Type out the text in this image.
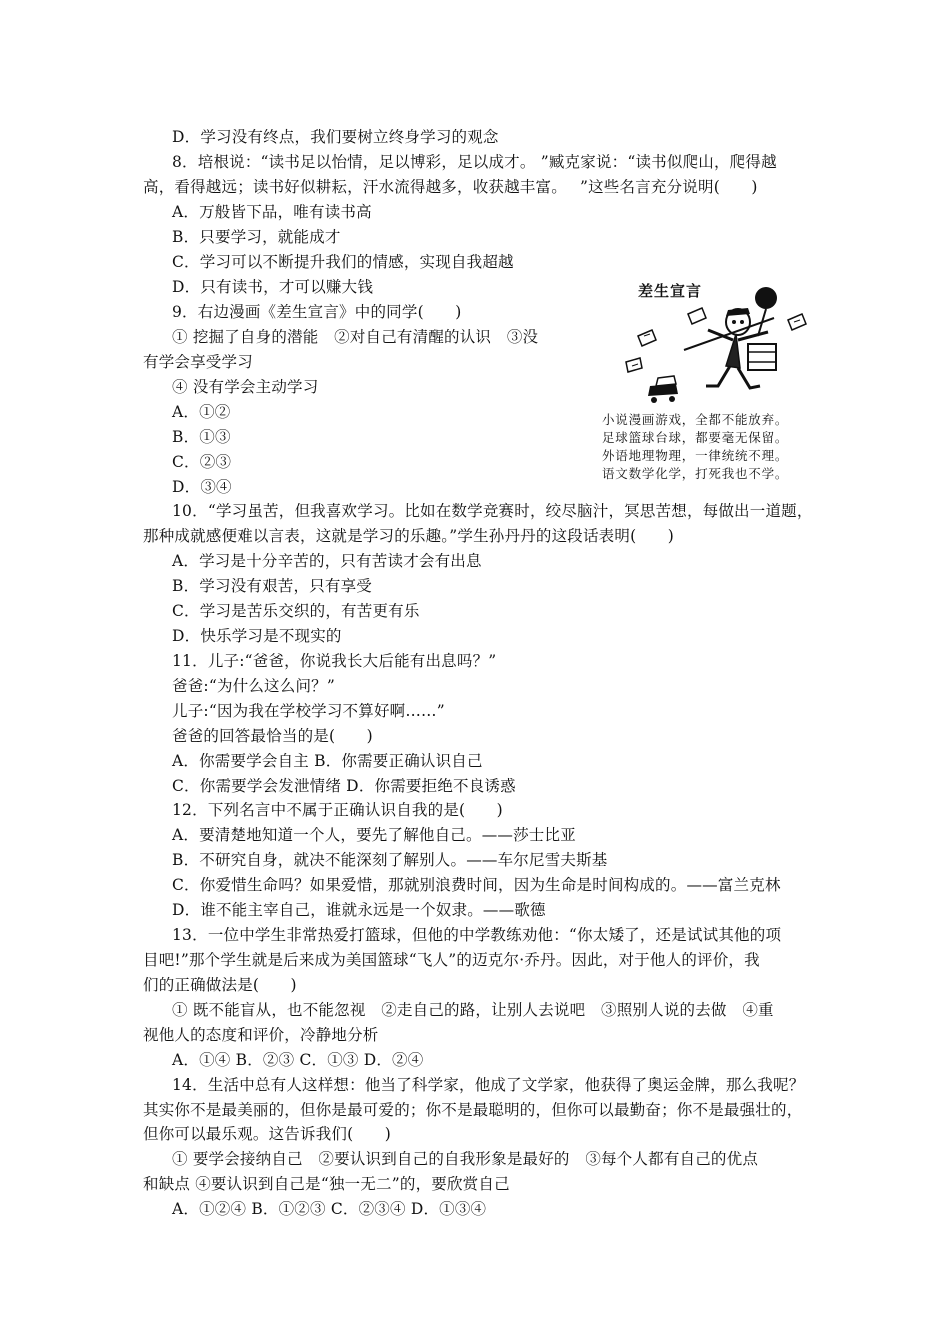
D．学习没有终点，我们要树立终身学习的观念
8．培根说：“读书足以怡情，足以博彩，足以成才。 ”臧克家说：“读书似爬山，爬得越
高，看得越远；读书好似耕耘，汗水流得越多，收获越丰富。　 ”这些名言充分说明(　　)
A．万般皆下品，唯有读书高
B．只要学习，就能成才
C．学习可以不断提升我们的情感，实现自我超越
D．只有读书，才可以赚大钱
9．右边漫画《差生宣言》中的同学(　　)
① 挖掘了自身的潜能　②对自己有清醒的认识　③没
有学会享受学习
④ 没有学会主动学习
A．①②
B．①③
C．②③
D．③④
10．“学习虽苦，但我喜欢学习。比如在数学竞赛时，绞尽脑汁，冥思苦想，每做出一道题，
那种成就感便难以言表，这就是学习的乐趣。”学生孙丹丹的这段话表明(　　)
A．学习是十分辛苦的，只有苦读才会有出息
B．学习没有艰苦，只有享受
C．学习是苦乐交织的，有苦更有乐
D．快乐学习是不现实的
11．儿子:“爸爸，你说我长大后能有出息吗？”
爸爸:“为什么这么问？”
儿子:“因为我在学校学习不算好啊……”
爸爸的回答最恰当的是(　　)
A．你需要学会自主 B．你需要正确认识自己
C．你需要学会发泄情绪 D．你需要拒绝不良诱惑
12．下列名言中不属于正确认识自我的是(　　)
A．要清楚地知道一个人，要先了解他自己。——莎士比亚
B．不研究自身，就决不能深刻了解别人。——车尔尼雪夫斯基
C．你爱惜生命吗？如果爱惜，那就别浪费时间，因为生命是时间构成的。——富兰克林
D．谁不能主宰自己，谁就永远是一个奴隶。——歌德
13．一位中学生非常热爱打篮球，但他的中学教练劝他：“你太矮了，还是试试其他的项
目吧!”那个学生就是后来成为美国篮球“飞人”的迈克尔·乔丹。因此，对于他人的评价，我
们的正确做法是(　　)
① 既不能盲从，也不能忽视　②走自己的路，让别人去说吧　③照别人说的去做　④重
视他人的态度和评价，冷静地分析
A．①④ B．②③ C．①③ D．②④
14．生活中总有人这样想：他当了科学家，他成了文学家，他获得了奥运金牌，那么我呢？
其实你不是最美丽的，但你是最可爱的；你不是最聪明的，但你可以最勤奋；你不是最强壮的，
但你可以最乐观。这告诉我们(　　)
① 要学会接纳自己　②要认识到自己的自我形象是最好的　③每个人都有自己的优点
和缺点 ④要认识到自己是“独一无二”的，要欣赏自己
A．①②④ B．①②③ C．②③④ D．①③④
差生宣言
小说漫画游戏，全都不能放弃。
足球篮球台球，都要毫无保留。
外语地理物理，一律统统不理。
语文数学化学，打死我也不学。
